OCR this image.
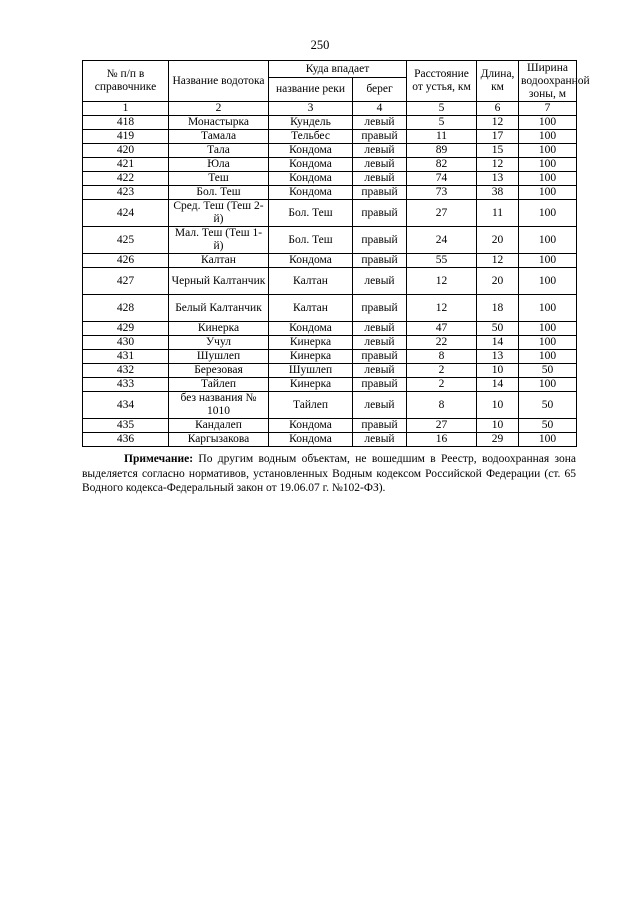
250
№ п/п в справочнике	Название водотока	Куда впадает		Расстояние от устья, км	Длина, км	Ширина водоохранной зоны, м
		название реки	берег			
1	2	3	4	5	6	7
418	Монастырка	Кундель	левый	5	12	100
419	Тамала	Тельбес	правый	11	17	100
420	Тала	Кондома	левый	89	15	100
421	Юла	Кондома	левый	82	12	100
422	Теш	Кондома	левый	74	13	100
423	Бол. Теш	Кондома	правый	73	38	100
424	Сред. Теш (Теш 2-й)	Бол. Теш	правый	27	11	100
425	Мал. Теш (Теш 1-й)	Бол. Теш	правый	24	20	100
426	Калтан	Кондома	правый	55	12	100
427	Черный Калтанчик	Калтан	левый	12	20	100
428	Белый Калтанчик	Калтан	правый	12	18	100
429	Кинерка	Кондома	левый	47	50	100
430	Учул	Кинерка	левый	22	14	100
431	Шушлеп	Кинерка	правый	8	13	100
432	Березовая	Шушлеп	левый	2	10	50
433	Тайлеп	Кинерка	правый	2	14	100
434	без названия № 1010	Тайлеп	левый	8	10	50
435	Кандалеп	Кондома	правый	27	10	50
436	Каргызакова	Кондома	левый	16	29	100
Примечание: По другим водным объектам, не вошедшим в Реестр, водоохранная зона выделяется согласно нормативов, установленных Водным кодексом Российской Федерации (ст. 65 Водного кодекса-Федеральный закон от 19.06.07 г. №102-ФЗ).
